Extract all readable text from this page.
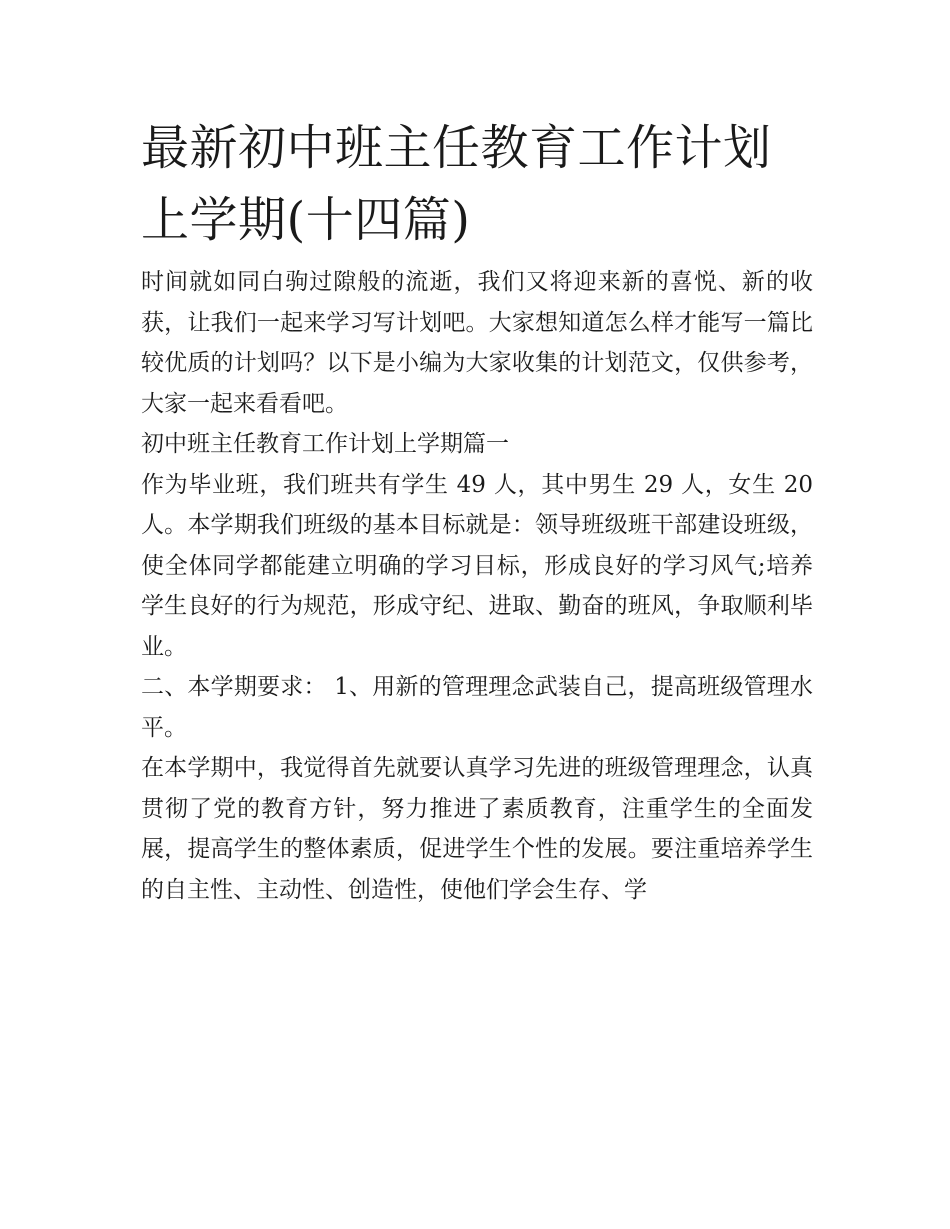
最新初中班主任教育工作计划上学期(十四篇)

时间就如同白驹过隙般的流逝，我们又将迎来新的喜悦、新的收获，让我们一起来学习写计划吧。大家想知道怎么样才能写一篇比较优质的计划吗？以下是小编为大家收集的计划范文，仅供参考，大家一起来看看吧。

初中班主任教育工作计划上学期篇一

作为毕业班，我们班共有学生 49 人，其中男生 29 人，女生 20 人。本学期我们班级的基本目标就是：领导班级班干部建设班级，使全体同学都能建立明确的学习目标，形成良好的学习风气;培养学生良好的行为规范，形成守纪、进取、勤奋的班风，争取顺利毕业。

二、本学期要求： 1、用新的管理理念武装自己，提高班级管理水平。

在本学期中，我觉得首先就要认真学习先进的班级管理理念，认真贯彻了党的教育方针，努力推进了素质教育，注重学生的全面发展，提高学生的整体素质，促进学生个性的发展。要注重培养学生的自主性、主动性、创造性，使他们学会生存、学
